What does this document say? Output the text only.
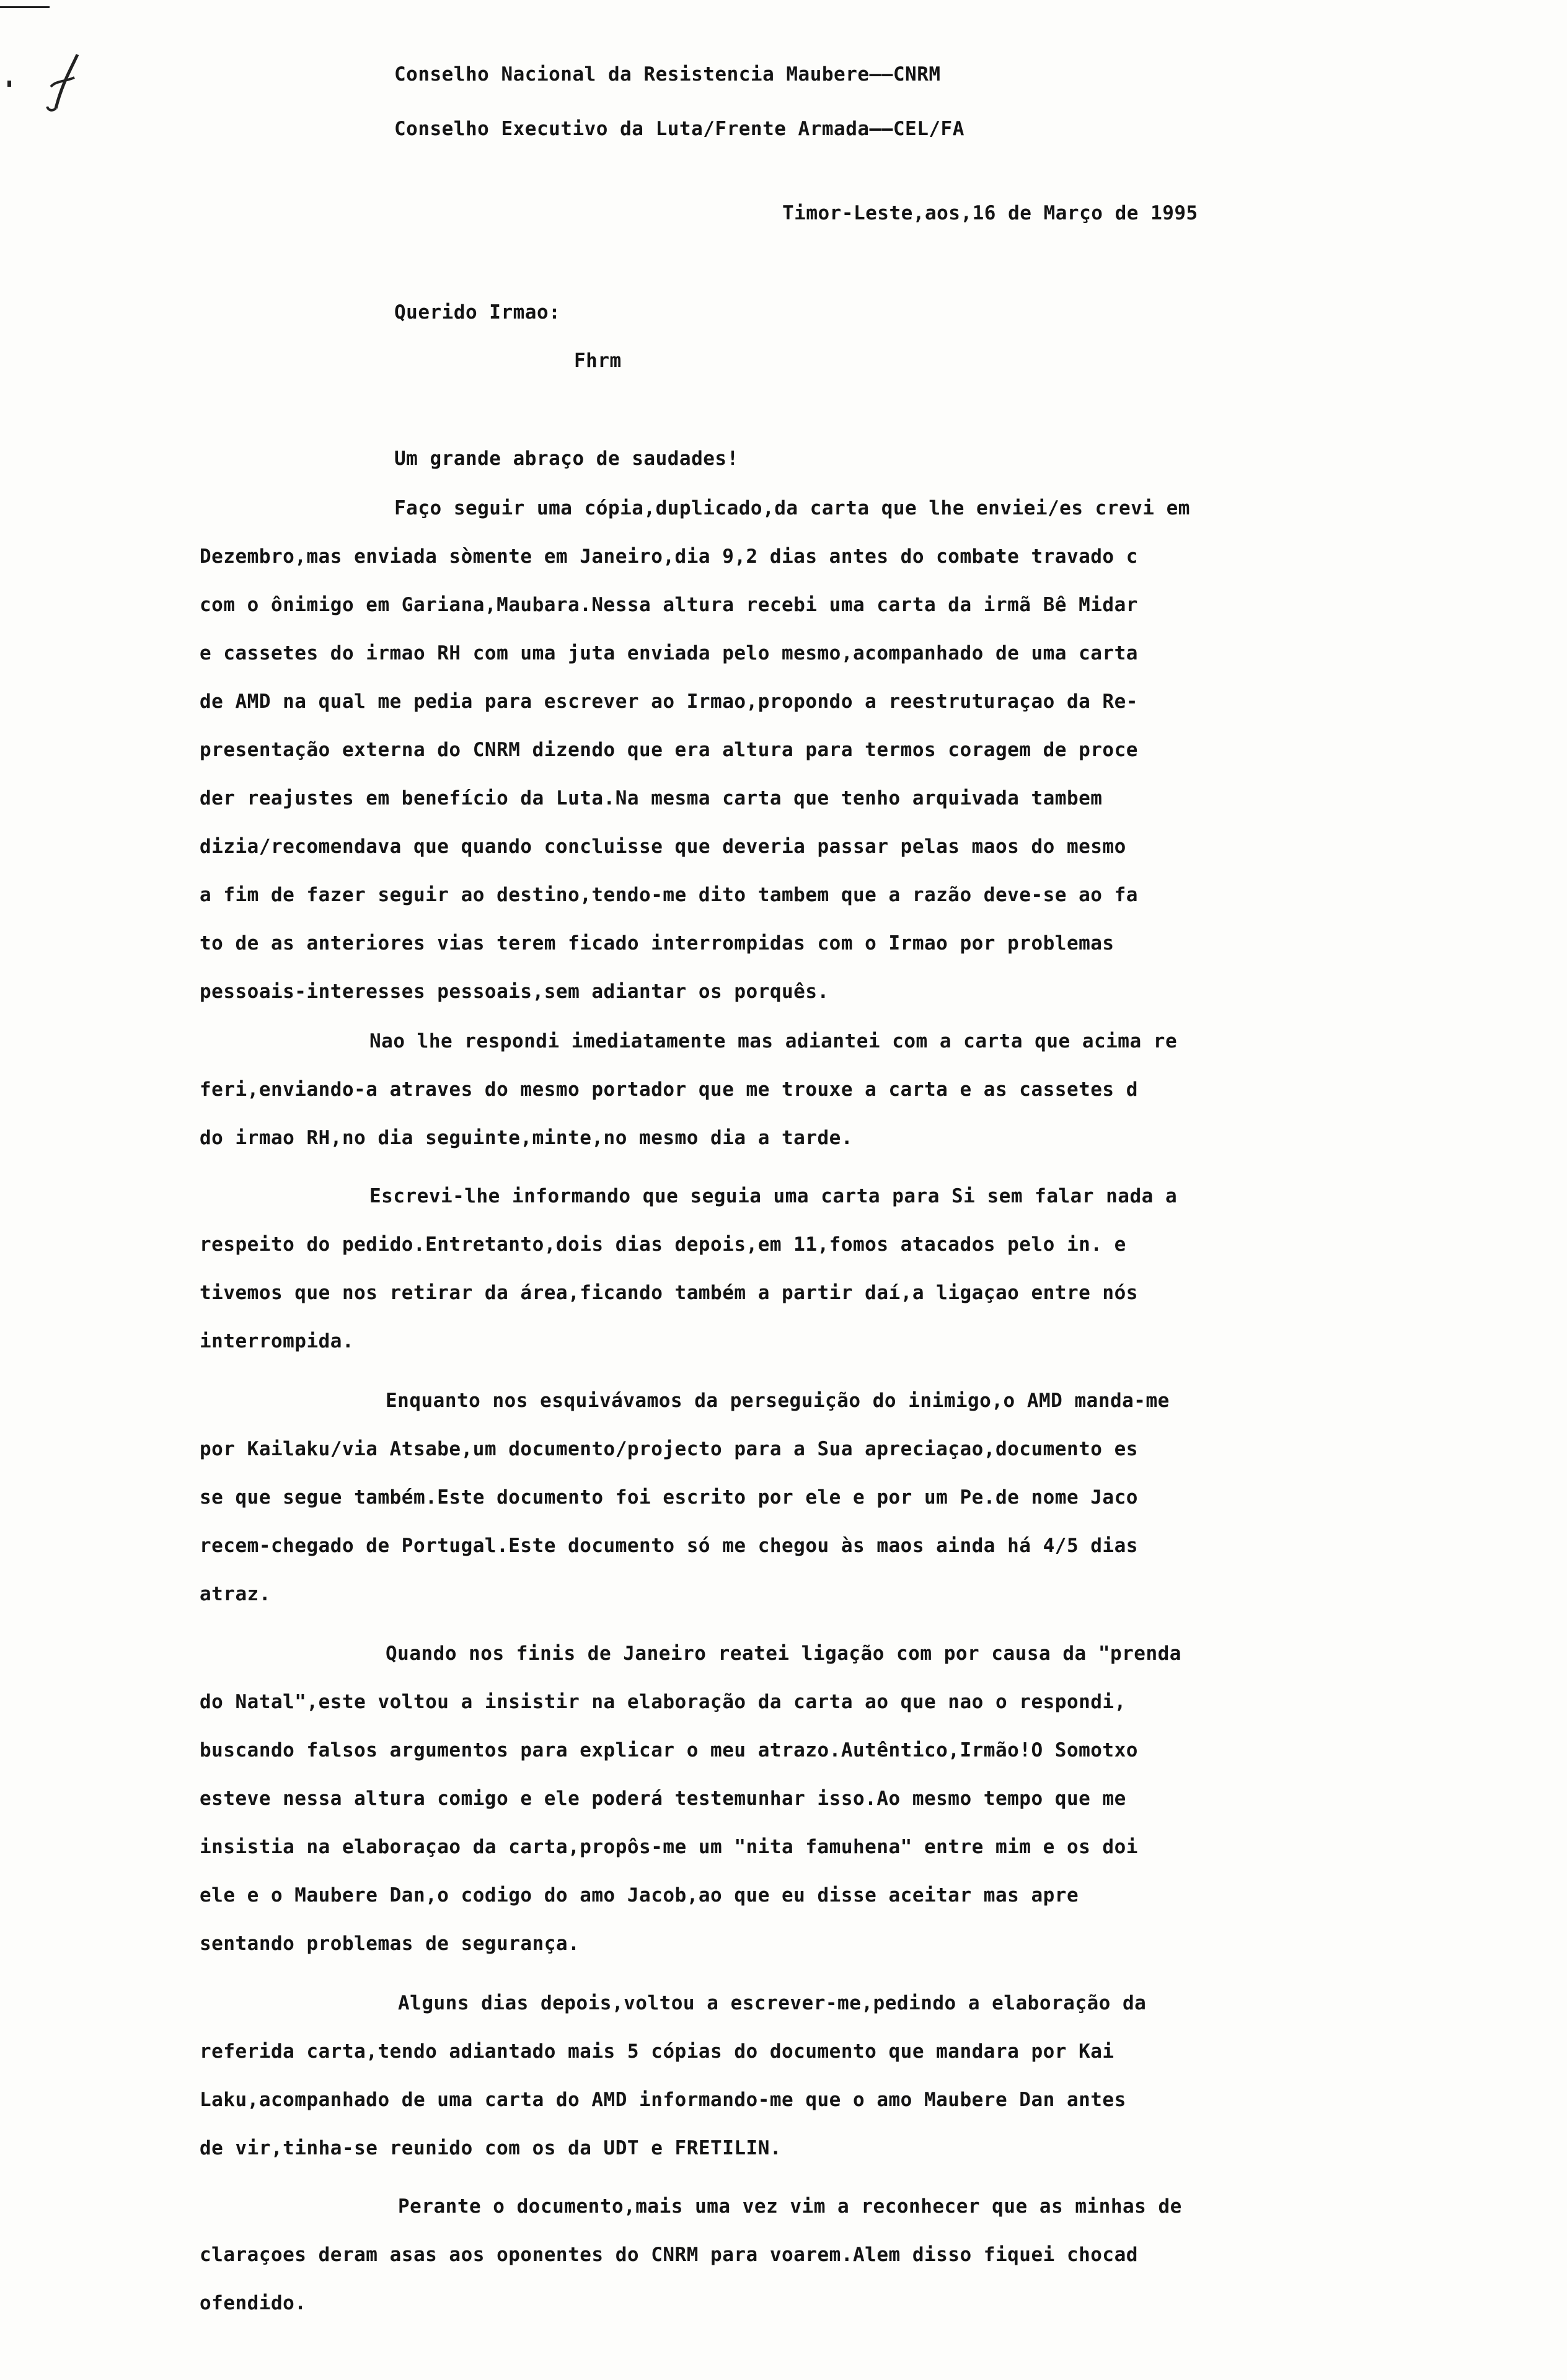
Conselho Nacional da Resistencia Maubere——CNRM
Conselho Executivo da Luta/Frente Armada——CEL/FA
Timor-Leste,aos,16 de Março de 1995
Querido Irmao:
Fhrm
Um grande abraço de saudades!
Faço seguir uma cópia,duplicado,da carta que lhe enviei/es crevi em
Dezembro,mas enviada sòmente em Janeiro,dia 9,2 dias antes do combate travado c
com o ônimigo em Gariana,Maubara.Nessa altura recebi uma carta da irmã Bê Midar
e cassetes do irmao RH com uma juta enviada pelo mesmo,acompanhado de uma carta
de AMD na qual me pedia para escrever ao Irmao,propondo a reestruturaçao da Re-
presentação externa do CNRM dizendo que era altura para termos coragem de proce
der reajustes em benefício da Luta.Na mesma carta que tenho arquivada tambem
dizia/recomendava que quando concluisse que deveria passar pelas maos do mesmo
a fim de fazer seguir ao destino,tendo-me dito tambem que a razão deve-se ao fa
to de as anteriores vias terem ficado interrompidas com o Irmao por problemas
pessoais-interesses pessoais,sem adiantar os porquês.
Nao lhe respondi imediatamente mas adiantei com a carta que acima re
feri,enviando-a atraves do mesmo portador que me trouxe a carta e as cassetes d
do irmao RH,no dia seguinte,minte,no mesmo dia a tarde.
Escrevi-lhe informando que seguia uma carta para Si sem falar nada a
respeito do pedido.Entretanto,dois dias depois,em 11,fomos atacados pelo in. e
tivemos que nos retirar da área,ficando também a partir daí,a ligaçao entre nós
interrompida.
Enquanto nos esquivávamos da perseguição do inimigo,o AMD manda-me
por Kailaku/via Atsabe,um documento/projecto para a Sua apreciaçao,documento es
se que segue também.Este documento foi escrito por ele e por um Pe.de nome Jaco
recem-chegado de Portugal.Este documento só me chegou às maos ainda há 4/5 dias
atraz.
Quando nos finis de Janeiro reatei ligação com por causa da "prenda
do Natal",este voltou a insistir na elaboração da carta ao que nao o respondi,
buscando falsos argumentos para explicar o meu atrazo.Autêntico,Irmão!O Somotxo
esteve nessa altura comigo e ele poderá testemunhar isso.Ao mesmo tempo que me
insistia na elaboraçao da carta,propôs-me um "nita famuhena" entre mim e os doi
ele e o Maubere Dan,o codigo do amo Jacob,ao que eu disse aceitar mas apre
sentando problemas de segurança.
Alguns dias depois,voltou a escrever-me,pedindo a elaboração da
referida carta,tendo adiantado mais 5 cópias do documento que mandara por Kai
Laku,acompanhado de uma carta do AMD informando-me que o amo Maubere Dan antes
de vir,tinha-se reunido com os da UDT e FRETILIN.
Perante o documento,mais uma vez vim a reconhecer que as minhas de
claraçoes deram asas aos oponentes do CNRM para voarem.Alem disso fiquei chocad
ofendido.
